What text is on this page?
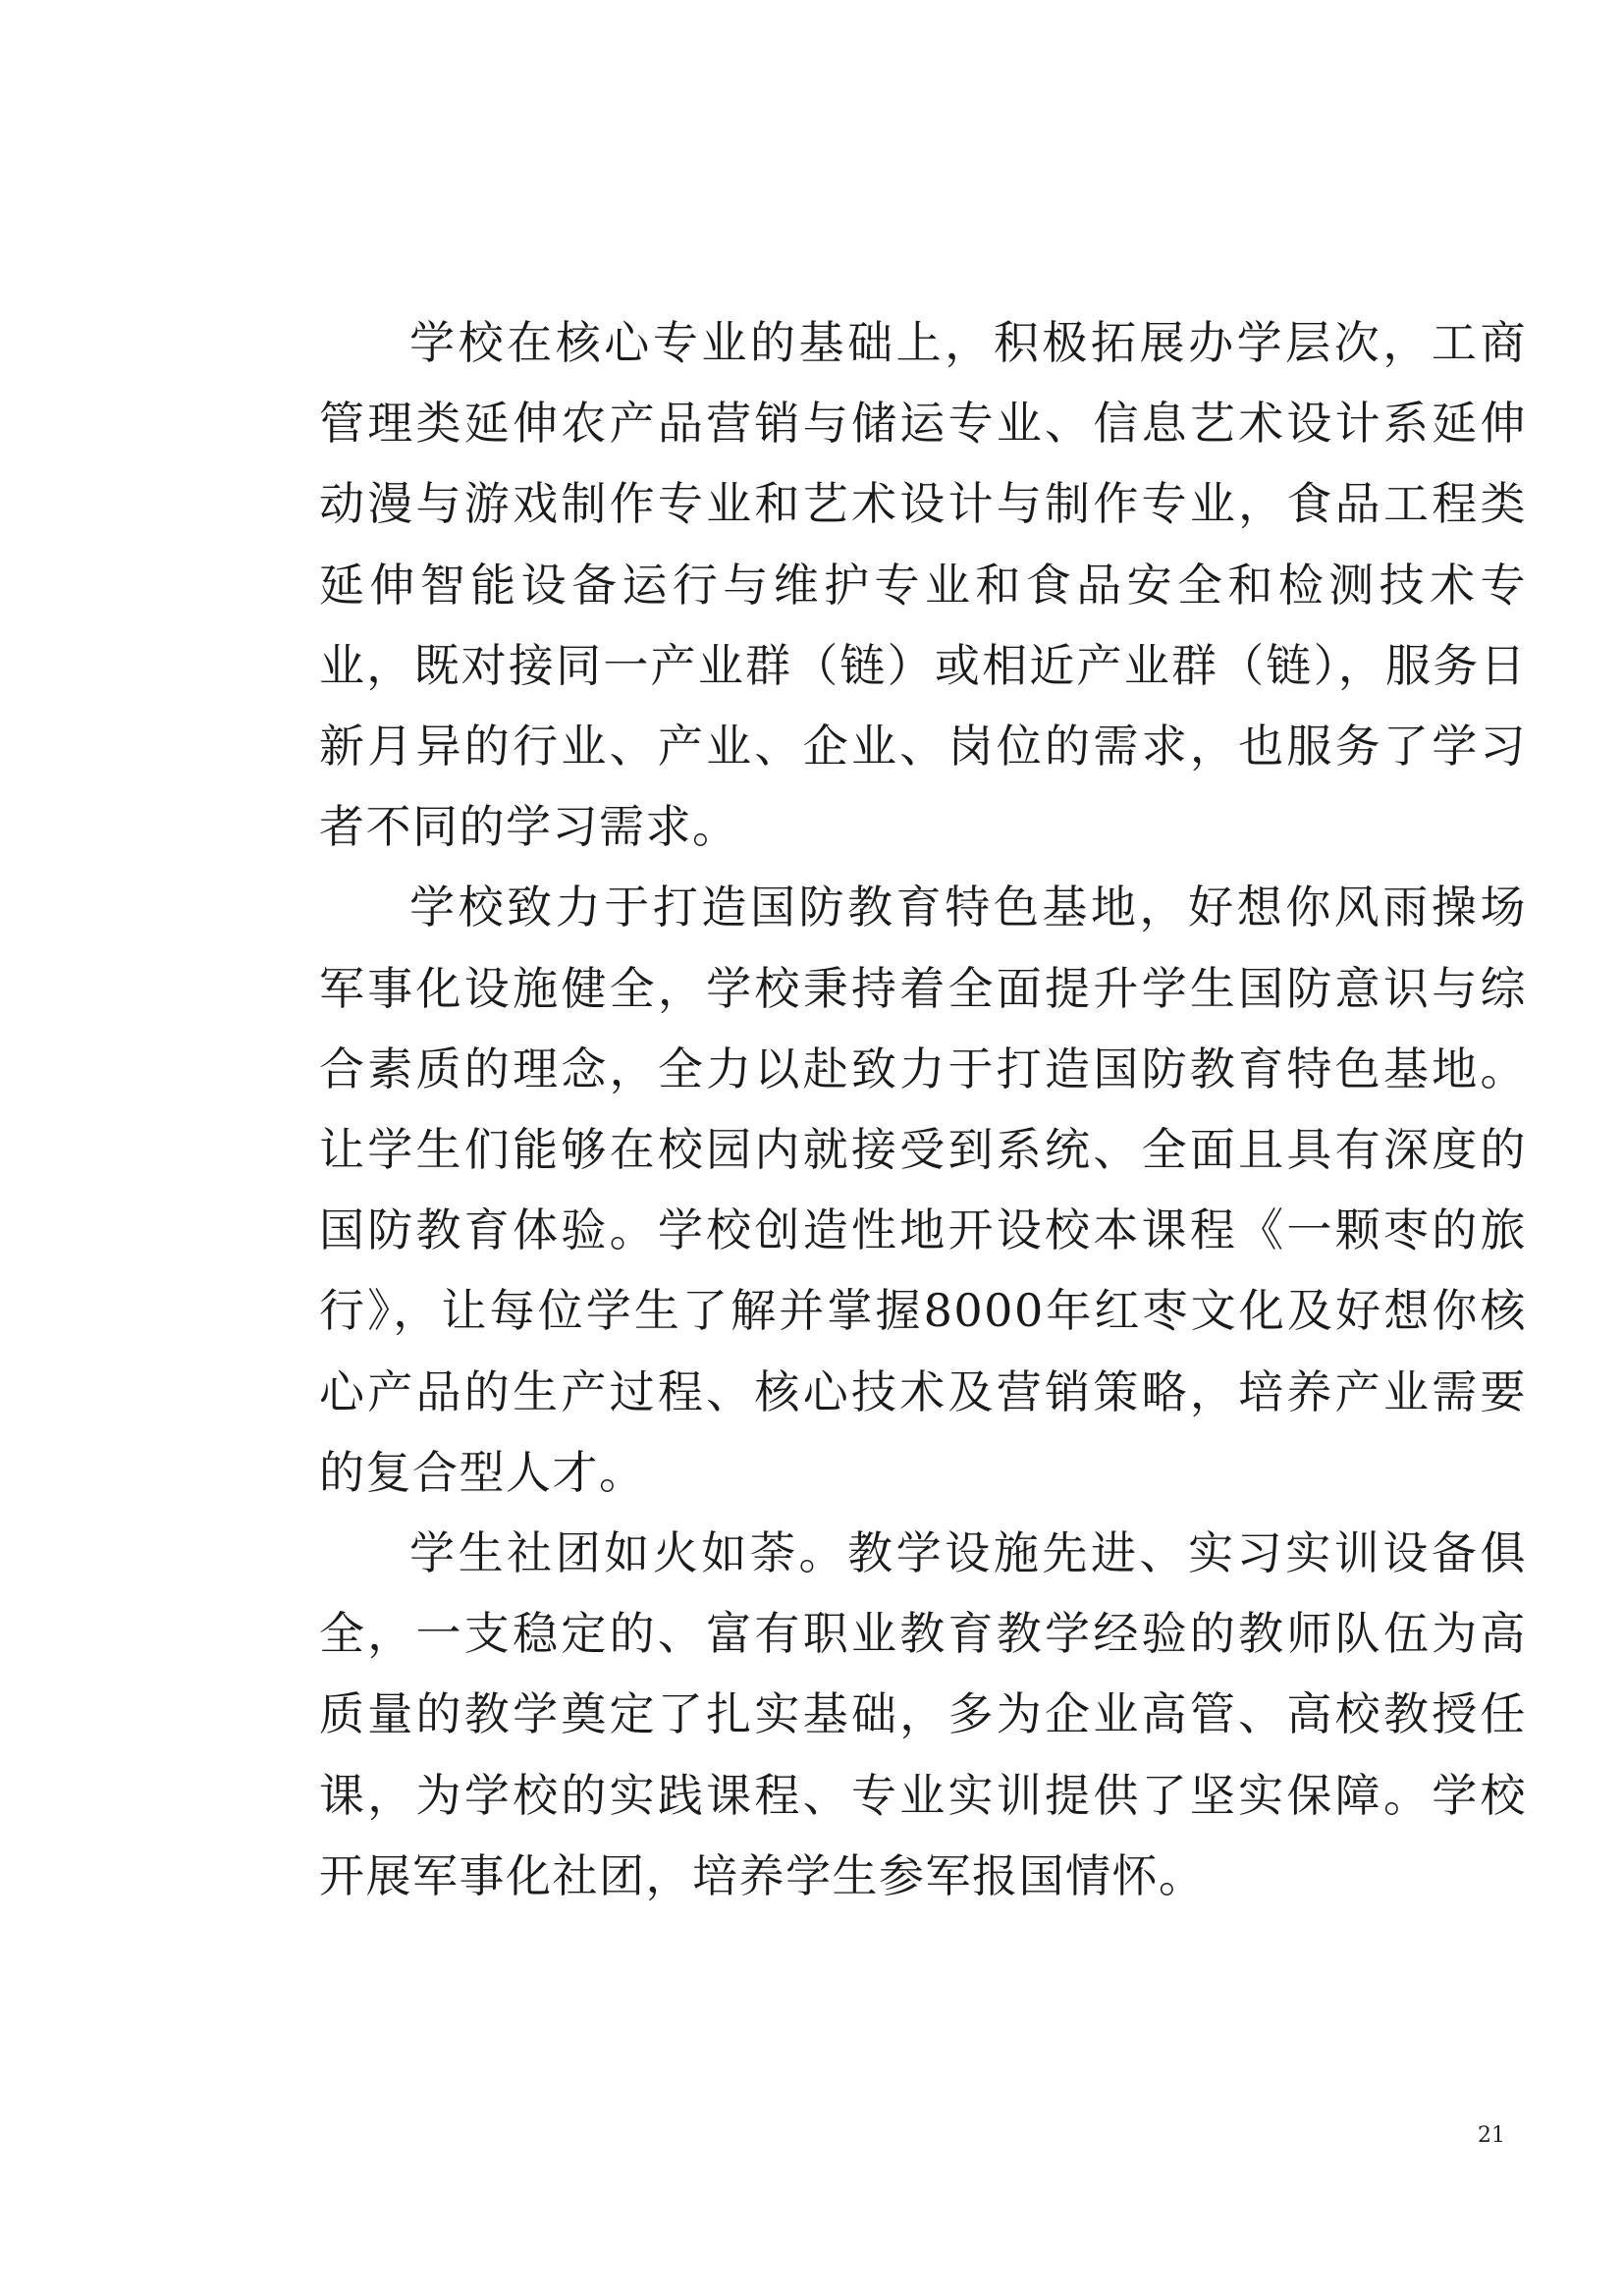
学校在核心专业的基础上，积极拓展办学层次，工商管理类延伸农产品营销与储运专业、信息艺术设计系延伸动漫与游戏制作专业和艺术设计与制作专业，食品工程类延伸智能设备运行与维护专业和食品安全和检测技术专业，既对接同一产业群（链）或相近产业群（链），服务日新月异的行业、产业、企业、岗位的需求，也服务了学习者不同的学习需求。

学校致力于打造国防教育特色基地，好想你风雨操场军事化设施健全，学校秉持着全面提升学生国防意识与综合素质的理念，全力以赴致力于打造国防教育特色基地。让学生们能够在校园内就接受到系统、全面且具有深度的国防教育体验。学校创造性地开设校本课程《一颗枣的旅行》，让每位学生了解并掌握8000年红枣文化及好想你核心产品的生产过程、核心技术及营销策略，培养产业需要的复合型人才。

学生社团如火如荼。教学设施先进、实习实训设备俱全，一支稳定的、富有职业教育教学经验的教师队伍为高质量的教学奠定了扎实基础，多为企业高管、高校教授任课，为学校的实践课程、专业实训提供了坚实保障。学校开展军事化社团，培养学生参军报国情怀。

21
